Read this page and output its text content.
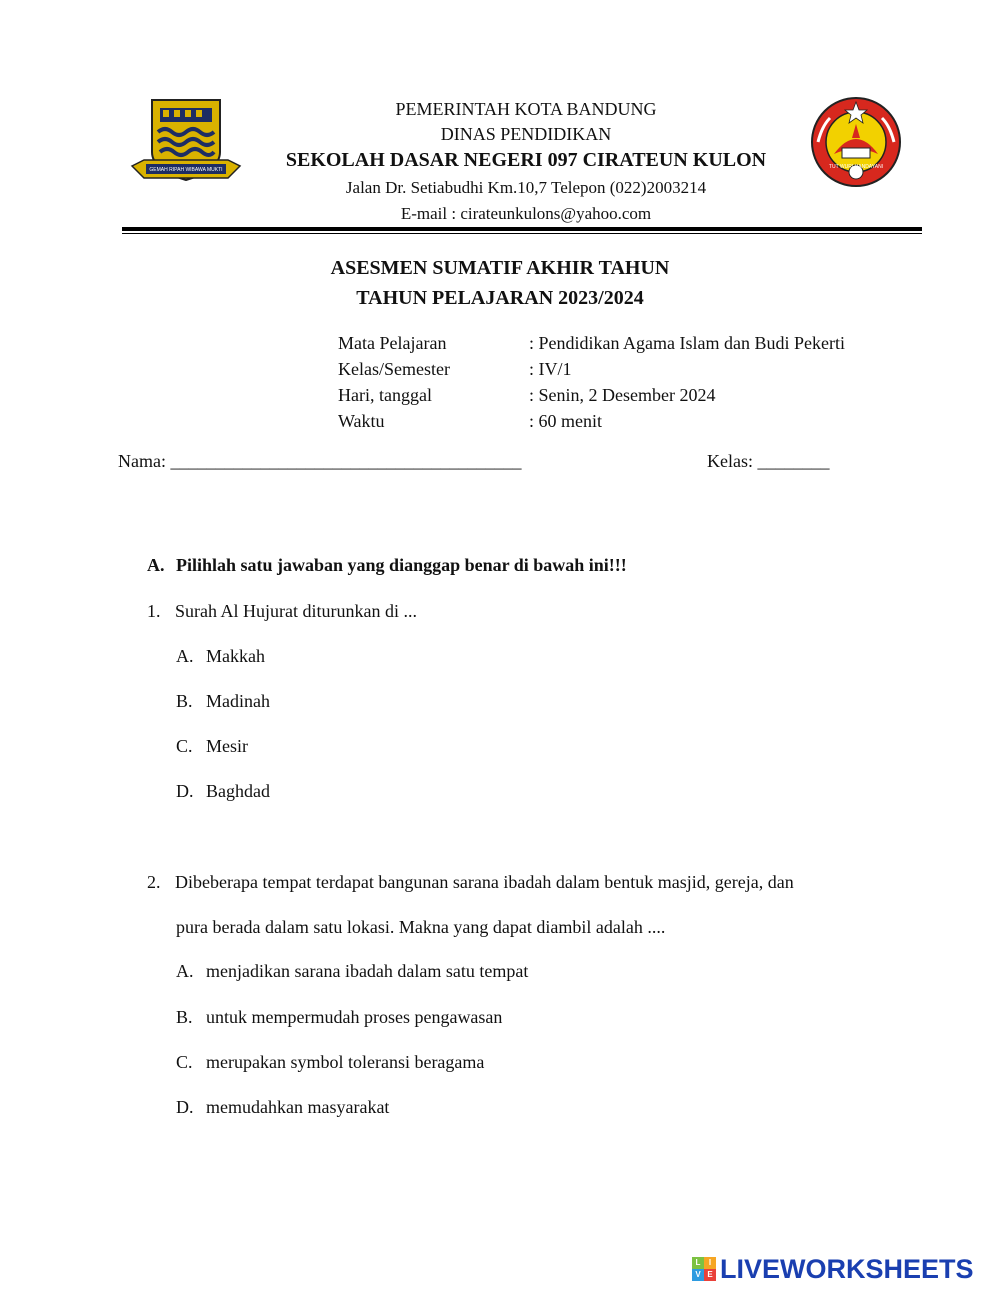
GEMAH RIPAH WIBAWA MUKTI
PEMERINTAH KOTA BANDUNG
DINAS PENDIDIKAN
SEKOLAH DASAR NEGERI 097 CIRATEUN KULON
Jalan Dr. Setiabudhi Km.10,7 Telepon (022)2003214
E-mail : cirateunkulons@yahoo.com
TUT WURI HANDAYANI
ASESMEN SUMATIF AKHIR TAHUN
TAHUN PELAJARAN 2023/2024
Mata Pelajaran	: Pendidikan Agama Islam dan Budi Pekerti
Kelas/Semester	: IV/1
Hari, tanggal	: Senin, 2 Desember 2024
Waktu	: 60 menit
Nama: _______________________________________	Kelas: ________
A. Pilihlah satu jawaban yang dianggap benar di bawah ini!!!
1. Surah Al Hujurat diturunkan di ...
A. Makkah
B. Madinah
C. Mesir
D. Baghdad
2. Dibeberapa tempat terdapat bangunan sarana ibadah dalam bentuk masjid, gereja, dan
pura berada dalam satu lokasi. Makna yang dapat diambil adalah ....
A. menjadikan sarana ibadah dalam satu tempat
B. untuk mempermudah proses pengawasan
C. merupakan symbol toleransi beragama
D. memudahkan masyarakat
L	I
V E LIVEWORKSHEETS
